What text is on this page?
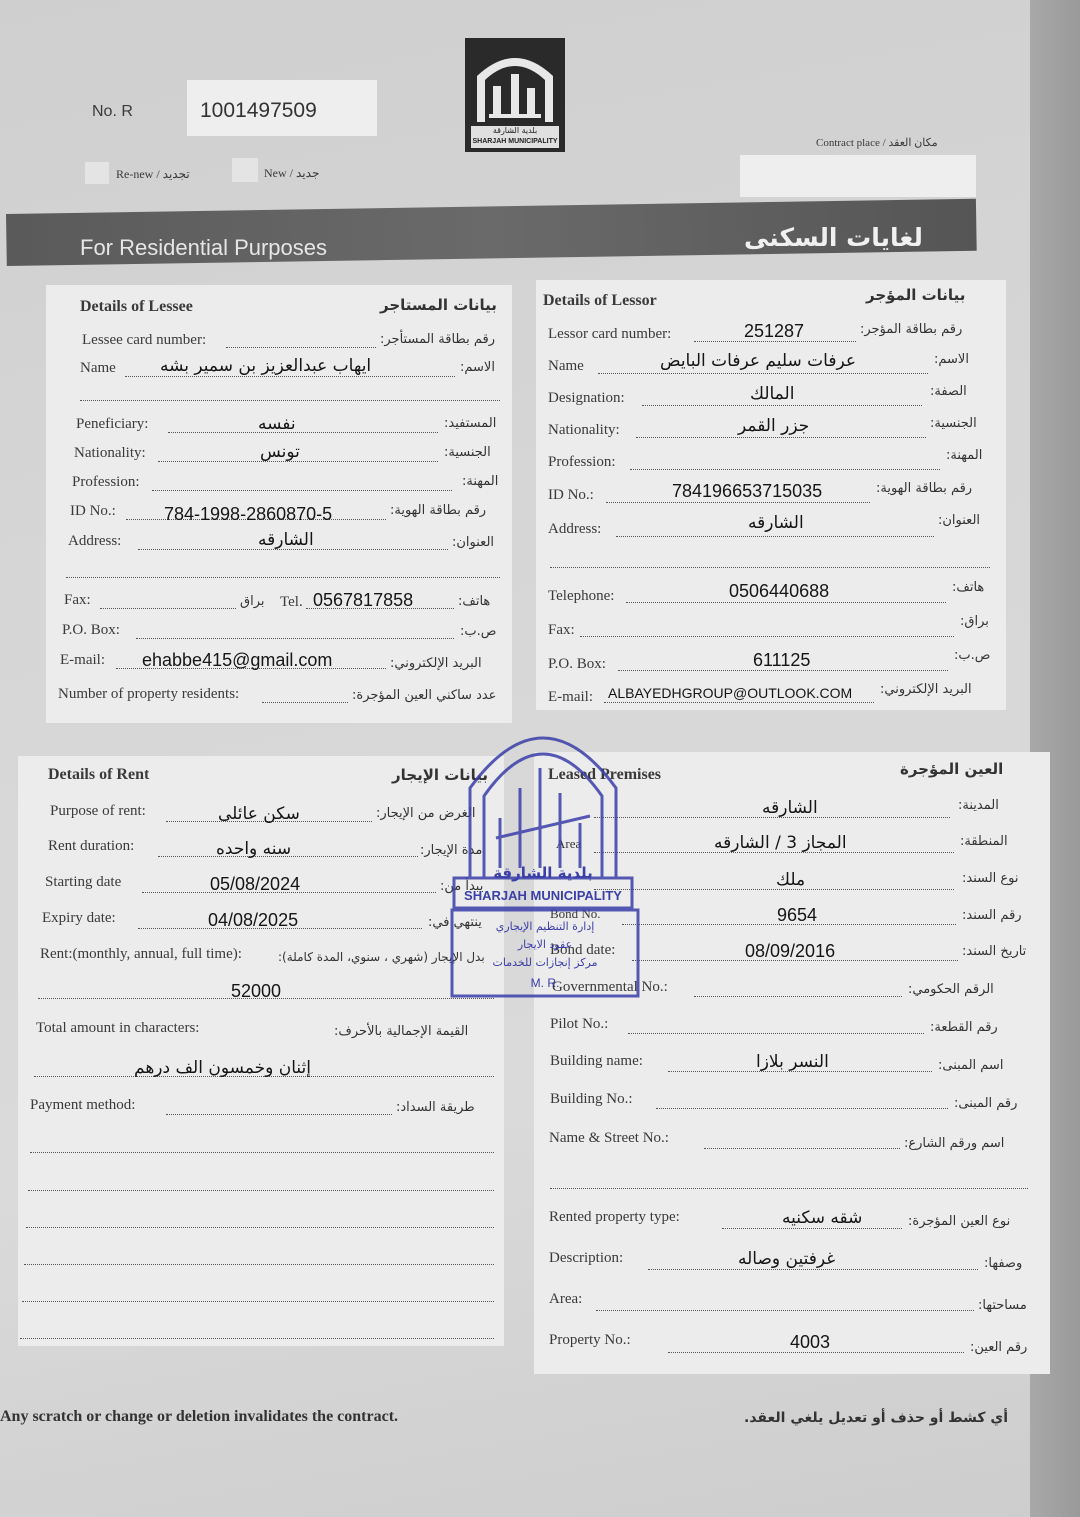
No. R	1001497509
Re-new / تجديد	New / جديد
بلدية الشارقة
SHARJAH MUNICIPALITY	Contract place / مكان العقد
For Residential Purposes	لغايات السكنى
Details of Lessee	بيانات المستاجر
Lessee card number:	رقم بطاقة المستأجر:
Name	ايهاب عبدالعزيز بن سمير بشه	الاسم:
Peneficiary:	نفسه	المستفيد:
Nationality:	تونس	الجنسية:
Profession:	المهنة:
ID No.:	784-1998-2860870-5	رقم بطاقة الهوية:
Address:	الشارقه	العنوان:
Fax:	براق Tel. 0567817858	هاتف:
P.O. Box:	ص.ب:
E-mail: ehabbe415@gmail.com	البريد الإلكتروني:
Number of property residents:	عدد ساكني العين المؤجرة:
Details of Lessor	بيانات المؤجر
Lessor card number:	251287	رقم بطاقة المؤجر:
Name	عرفات سليم عرفات البايض	الاسم:
Designation:	المالك	الصفة:
Nationality:	جزر القمر	الجنسية:
Profession:	المهنة:
ID No.:	784196653715035	رقم بطاقة الهوية:
Address:	الشارقه	العنوان:
Telephone:	0506440688	هاتف:
Fax:
براق:
P.O. Box:	611125	ص.ب:
E-mail: ALBAYEDHGROUP@OUTLOOK.COM البريد الإلكتروني:
Details of Rent	بيانات الإيجار
Purpose of rent:	سكن عائلى	الغرض من الإيجار:
Rent duration:	سنه واحده	مدة الإيجار:
Starting date	05/08/2024	يبدأ من:
Expiry date:	04/08/2025	ينتهي في:
Rent:(monthly, annual, full time):	بدل الإيجار (شهري ، سنوي، المدة كاملة):
52000
Total amount in characters:	القيمة الإجمالية بالأحرف:
إثنان وخمسون الف درهم
Payment method:	طريقة السداد:
Leased Premises	العين المؤجرة
الشارقه	المدينة:
Area	المجاز 3 / الشارقه	المنطقة:
ملك	نوع السند:
Bond No.	9654	رقم السند:
Bond date:	08/09/2016	تاريخ السند:
Governmental No.:	الرقم الحكومي:
Pilot No.:	رقم القطعة:
Building name:	النسر بلازا	اسم المبنى:
Building No.:	رقم المبنى:
Name & Street No.:	اسم ورقم الشارع:
Rented property type:	شقه سكنيه	نوع العين المؤجرة:
Description:	غرفتين وصاله	وصفها:
Area:	مساحتها:
Property No.:	4003	رقم العين:
بلدية الشارقة
SHARJAH MUNICIPALITY
إدارة التنظيم الإيجاري
عقود الايجار
مركز إنجازات للخدمات
M. R.
Any scratch or change or deletion invalidates the contract.	أي كشط أو حذف أو تعديل يلغي العقد.
